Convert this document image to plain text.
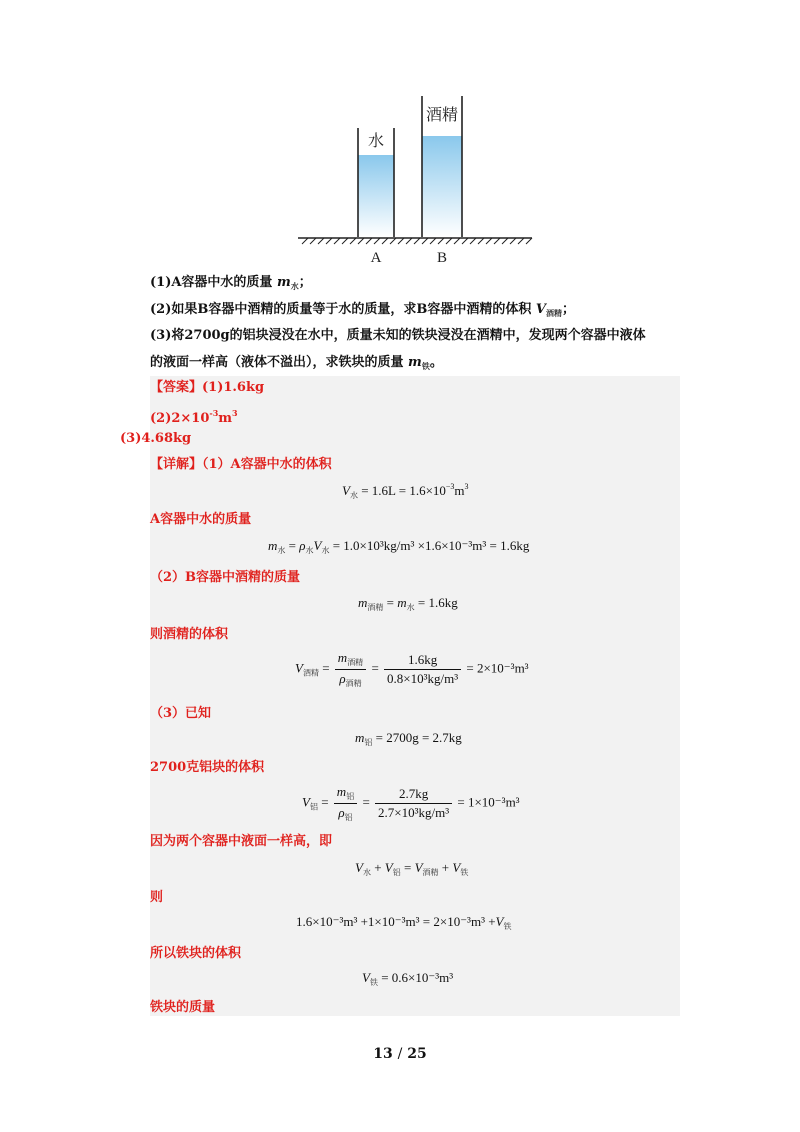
水
酒精
A	B
(1)A容器中水的质量 $m_水$；
(2)如果B容器中酒精的质量等于水的质量，求B容器中酒精的体积 $V_{酒精}$；
(3)将2700g的铝块浸没在水中，质量未知的铁块浸没在酒精中，发现两个容器中液体
的液面一样高（液体不溢出），求铁块的质量 $m_铁$。
【答案】(1)1.6kg
$(2)2\times 10^{-3}m^3$
(3)4.68kg
【详解】（1）A容器中水的体积
$V_水 = 1.6L = 1.6\times 10^{-3}m^3$
A容器中水的质量
$m_水 = \rho_水V_水 = 1.0\times 10^3kg/m^3 \times 1.6\times 10^{-3}m^3 = 1.6kg$
（2）B容器中酒精的质量
$m_{酒精} = m_水 = 1.6kg$
则酒精的体积
$V_{酒精} = \frac{m_{酒精}}{\rho_{酒精}} = \frac{1.6kg}{\text{0.8×10³kg/m³}} = 2\times 10^{-3}m^3$
（3）已知
$m_铝 = 2700g = 2.7kg$
2700克铝块的体积
$V_铝 = \frac{m_铝}{\rho_铝} = \frac{2.7kg}{\text{2.7×10³kg/m³}} = 1\times 10^{-3}m^3$
因为两个容器中液面一样高，即
$V_水 + V_铝 = V_{酒精} + V_铁$
则
$1.6\times 10^{-3}m^3 +1\times 10^{-3}m^3 = 2\times 10^{-3}m^3 +V_铁$
所以铁块的体积
$V_铁 = 0.6\times 10^{-3}m^3$
铁块的质量
13 / 25
